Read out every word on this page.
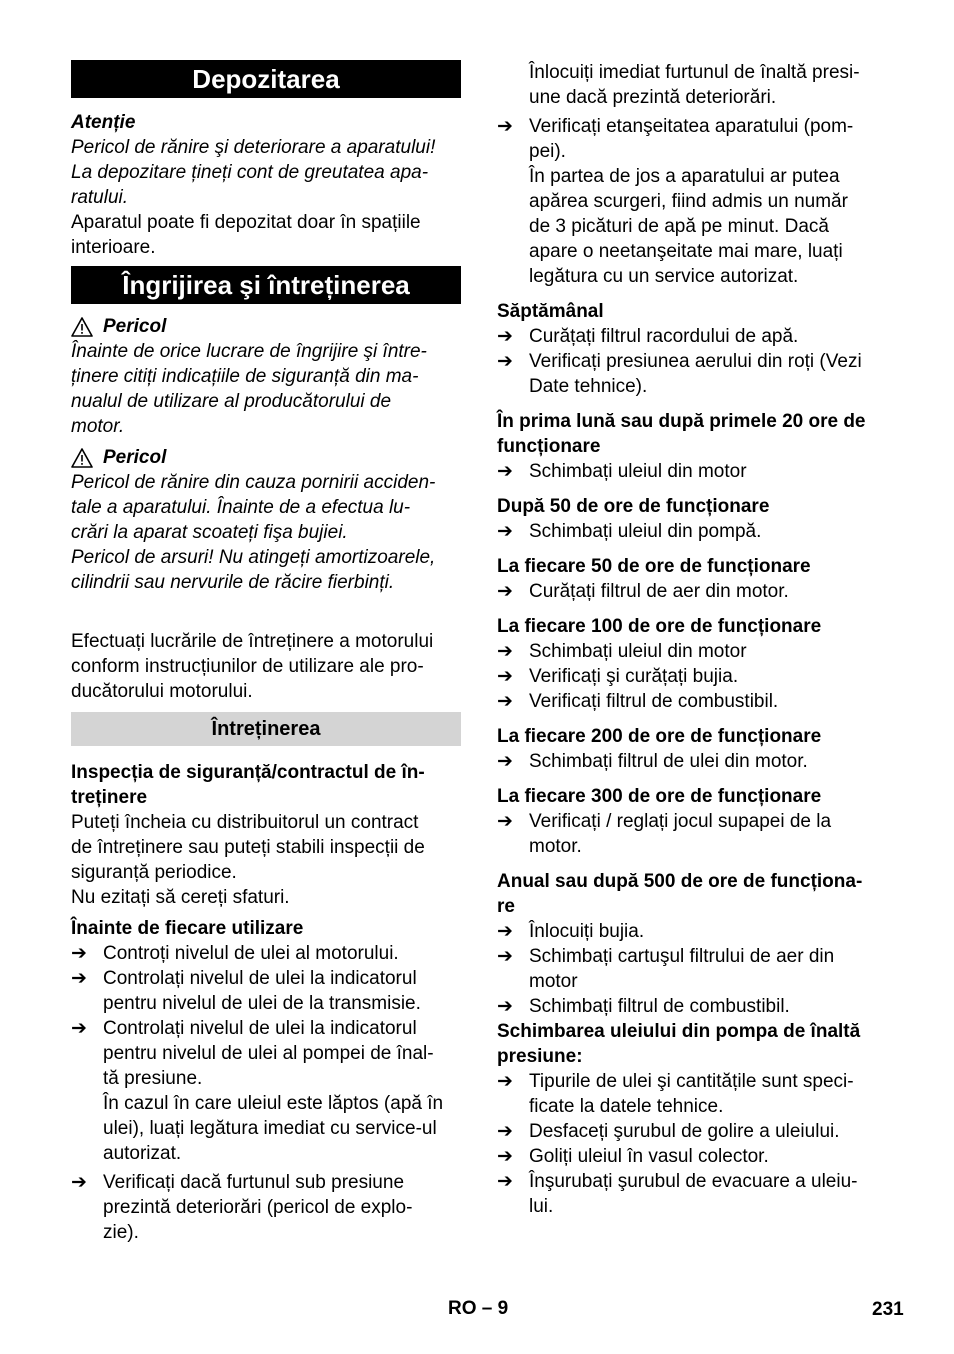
Depozitarea

Atenție

Pericol de rănire şi deteriorare a aparatului!
La depozitare țineți cont de greutatea apa-
ratului.
Aparatul poate fi depozitat doar în spațiile
interioare.
Îngrijirea şi întreținerea
Pericol
Înainte de orice lucrare de îngrijire şi între-
ținere citiți indicațiile de siguranță din ma-
nualul de utilizare al producătorului de
motor.
Pericol
Pericol de rănire din cauza pornirii acciden-
tale a aparatului. Înainte de a efectua lu-
crări la aparat scoateți fişa bujiei.
Pericol de arsuri! Nu atingeți amortizoarele,
cilindrii sau nervurile de răcire fierbinți.
Efectuați lucrările de întreținere a motorului
conform instrucțiunilor de utilizare ale pro-
ducătorului motorului.
Întreținerea
Inspecția de siguranță/contractul de în-
treținere
Puteți încheia cu distribuitorul un contract
de întreținere sau puteți stabili inspecții de
siguranță periodice.
Nu ezitați să cereți sfaturi.
Înainte de fiecare utilizare
➔ Controți nivelul de ulei al motorului.
➔ Controlați nivelul de ulei la indicatorul
pentru nivelul de ulei de la transmisie.
➔ Controlați nivelul de ulei la indicatorul
pentru nivelul de ulei al pompei de înal-
tă presiune.
În cazul în care uleiul este lăptos (apă în
ulei), luați legătura imediat cu service-ul
autorizat.
➔ Verificați dacă furtunul sub presiune
prezintă deteriorări (pericol de explo-
zie).
Înlocuiți imediat furtunul de înaltă presi-
une dacă prezintă deteriorări.
➔ Verificați etanşeitatea aparatului (pom-
pei).
În partea de jos a aparatului ar putea
apărea scurgeri, fiind admis un număr
de 3 picături de apă pe minut. Dacă
apare o neetanşeitate mai mare, luați
legătura cu un service autorizat.
Săptămânal
➔ Curățați filtrul racordului de apă.
➔ Verificați presiunea aerului din roți (Vezi
Date tehnice).
În prima lună sau după primele 20 ore de
funcționare
➔ Schimbați uleiul din motor
După 50 de ore de funcționare
➔ Schimbați uleiul din pompă.
La fiecare 50 de ore de funcționare
➔ Curățați filtrul de aer din motor.
La fiecare 100 de ore de funcționare
➔ Schimbați uleiul din motor
➔ Verificați şi curățați bujia.
➔ Verificați filtrul de combustibil.
La fiecare 200 de ore de funcționare
➔ Schimbați filtrul de ulei din motor.
La fiecare 300 de ore de funcționare
➔ Verificați / reglați jocul supapei de la
motor.
Anual sau după 500 de ore de funcționa-
re
➔ Înlocuiți bujia.
➔ Schimbați cartuşul filtrului de aer din
motor
➔ Schimbați filtrul de combustibil.
Schimbarea uleiului din pompa de înaltă
presiune:
➔ Tipurile de ulei şi cantitățile sunt speci-
ficate la datele tehnice.
➔ Desfaceți şurubul de golire a uleiului.
➔ Goliți uleiul în vasul colector.
➔ Înşurubați şurubul de evacuare a uleiu-
lui.
RO – 9	231
